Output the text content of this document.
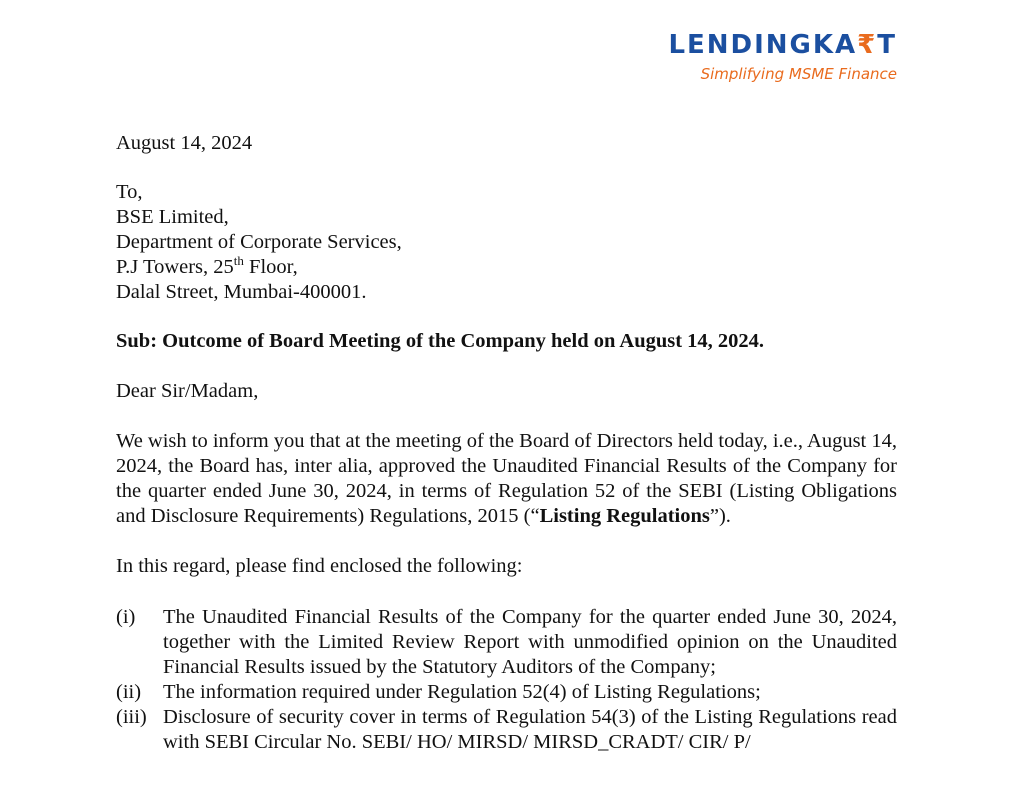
LENDINGKA₹T
Simplifying MSME Finance

August 14, 2024

To,
BSE Limited,
Department of Corporate Services,
P.J Towers, 25th Floor,
Dalal Street, Mumbai-400001.
Sub: Outcome of Board Meeting of the Company held on August 14, 2024.
Dear Sir/Madam,
We wish to inform you that at the meeting of the Board of Directors held today, i.e., August 14, 2024, the Board has, inter alia, approved the Unaudited Financial Results of the Company for the quarter ended June 30, 2024, in terms of Regulation 52 of the SEBI (Listing Obligations and Disclosure Requirements) Regulations, 2015 (“Listing Regulations”).
In this regard, please find enclosed the following:
(i) The Unaudited Financial Results of the Company for the quarter ended June 30, 2024, together with the Limited Review Report with unmodified opinion on the Unaudited Financial Results issued by the Statutory Auditors of the Company;
(ii) The information required under Regulation 52(4) of Listing Regulations;
(iii) Disclosure of security cover in terms of Regulation 54(3) of the Listing Regulations read with SEBI Circular No. SEBI/ HO/ MIRSD/ MIRSD_CRADT/ CIR/ P/
